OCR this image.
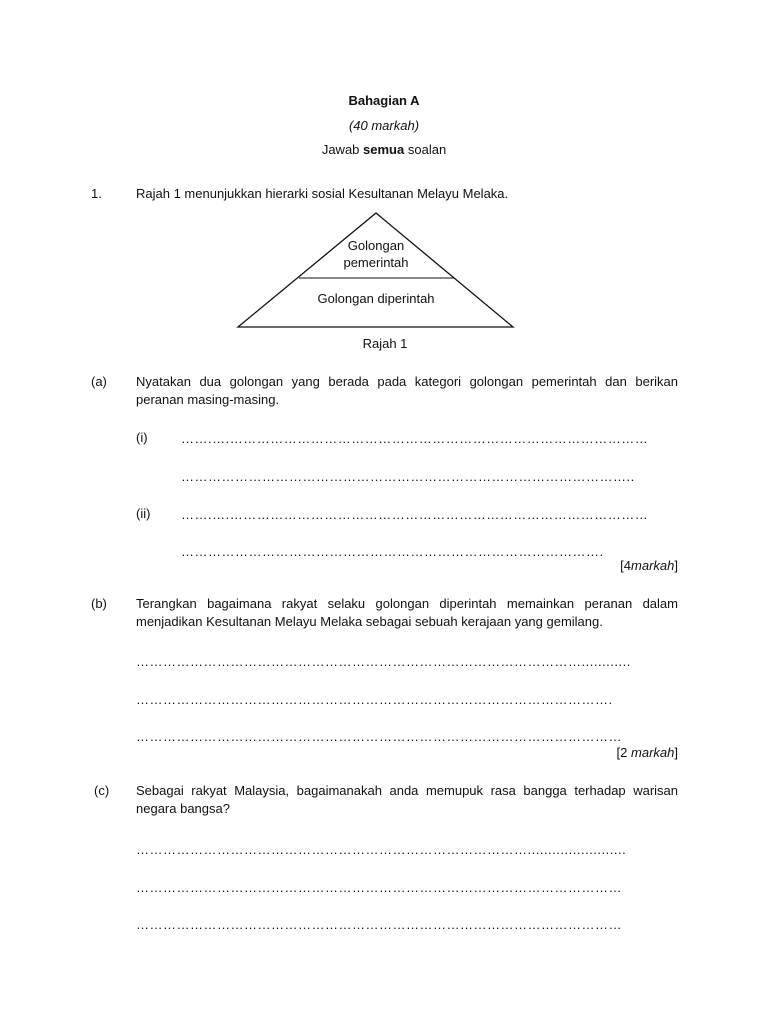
Bahagian A
(40 markah)
Jawab semua soalan
1.	Rajah 1 menunjukkan hierarki sosial Kesultanan Melayu Melaka.
Golongan
pemerintah
Golongan diperintah
Rajah 1
(a) Nyatakan dua golongan yang berada pada kategori golongan pemerintah dan berikan peranan masing-masing.
(i)	…….….…………………………………………………………………………………
………………………………………………………………………………………..
(ii) …….….…………………………………………………………………………………
………………………………………………………………………………….
[4markah]
(b) Terangkan bagaimana rakyat selaku golongan diperintah memainkan peranan dalam menjadikan Kesultanan Melayu Melaka sebagai sebuah kerajaan yang gemilang.
………………………………………………………………………………………............
…………………………………………………………………………………………….
………………………………………………………………………………………………
[2 markah]
(c) Sebagai rakyat Malaysia, bagaimanakah anda memupuk rasa bangga terhadap warisan negara bangsa?
……………………………………………………………………………........................
………………………………………………………………………………………………
………………………………………………………………………………………………
